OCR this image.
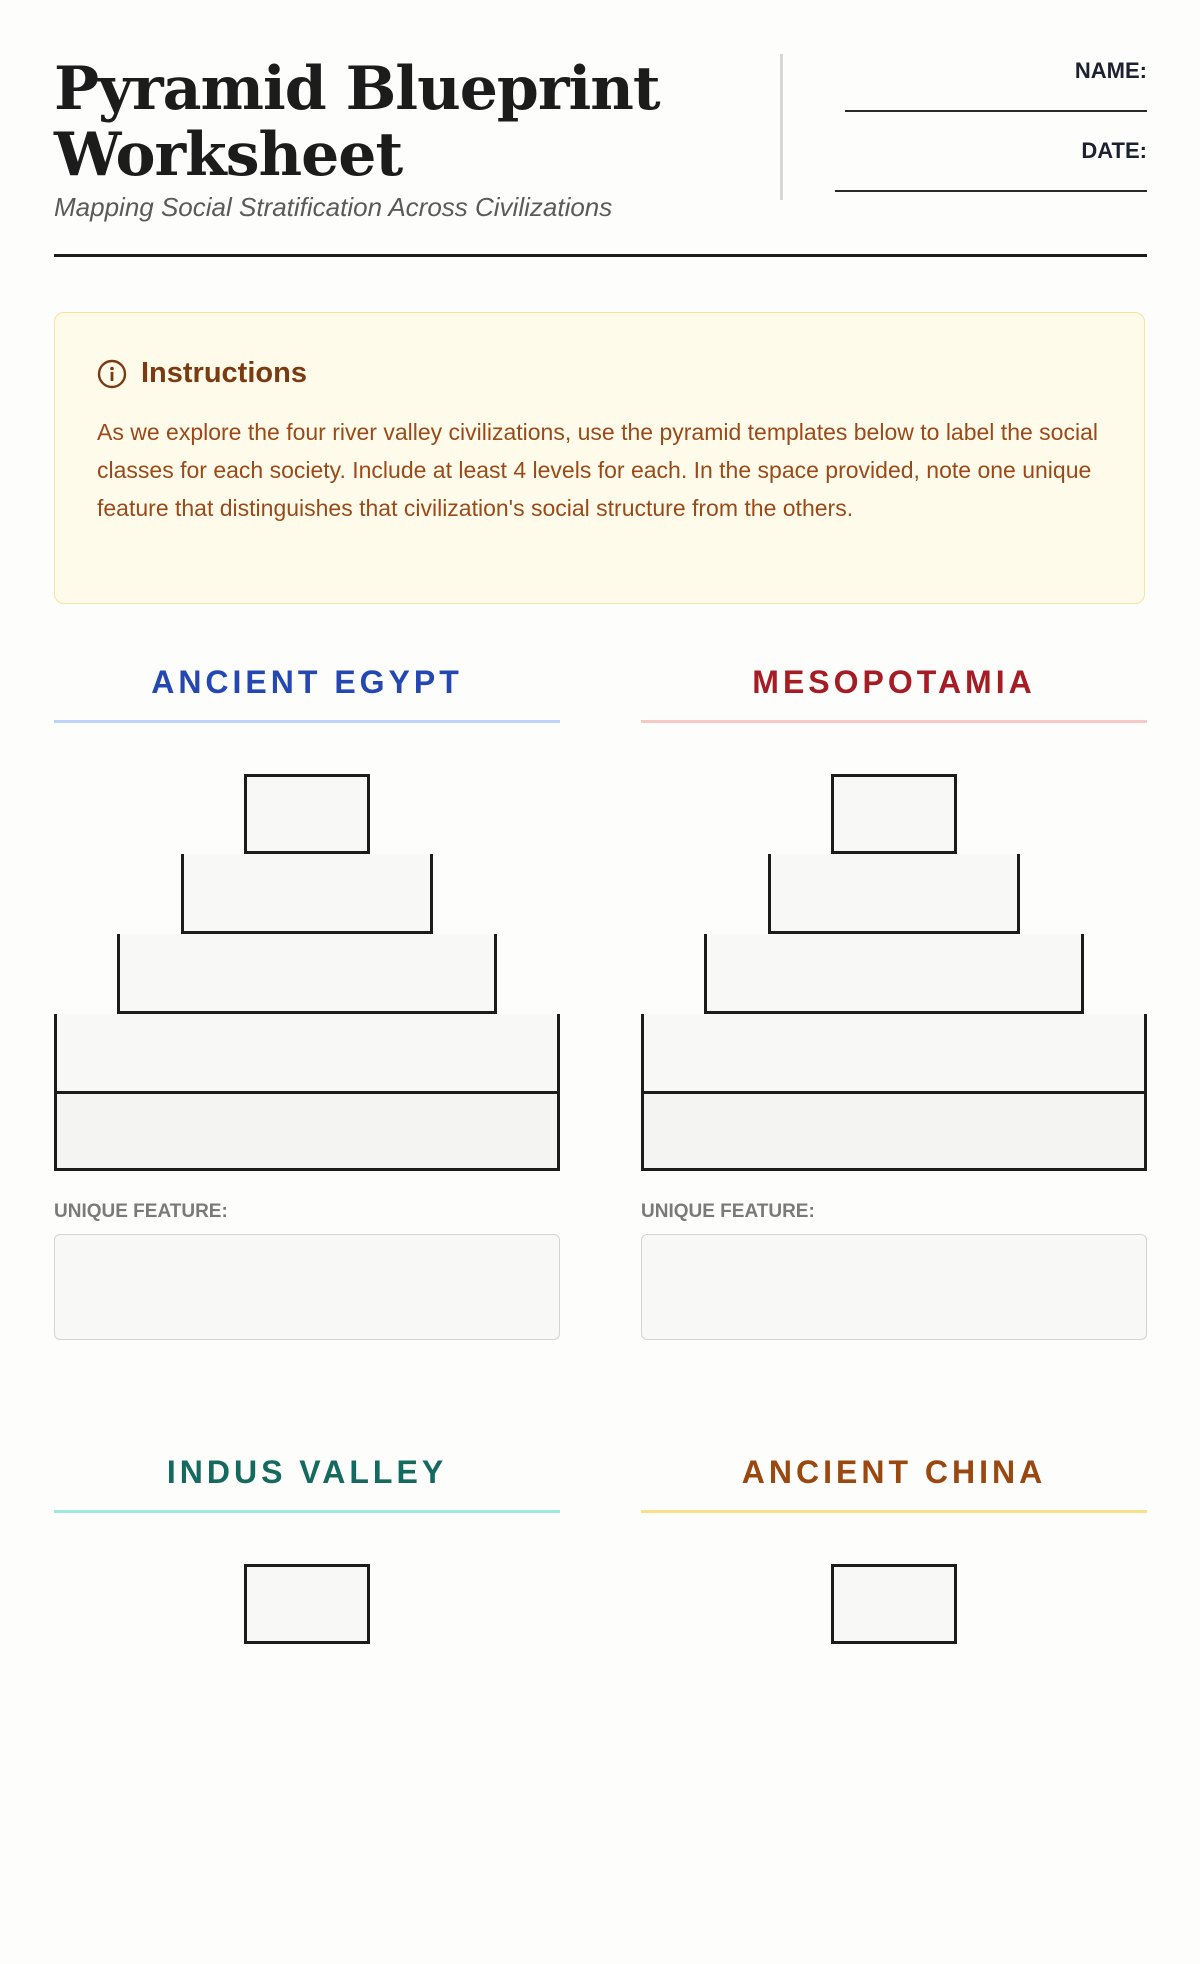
Pyramid Blueprint Worksheet
Mapping Social Stratification Across Civilizations
NAME:
DATE:
Instructions
As we explore the four river valley civilizations, use the pyramid templates below to label the social classes for each society. Include at least 4 levels for each. In the space provided, note one unique feature that distinguishes that civilization's social structure from the others.
ANCIENT EGYPT
UNIQUE FEATURE:
MESOPOTAMIA
UNIQUE FEATURE:
INDUS VALLEY	ANCIENT CHINA
